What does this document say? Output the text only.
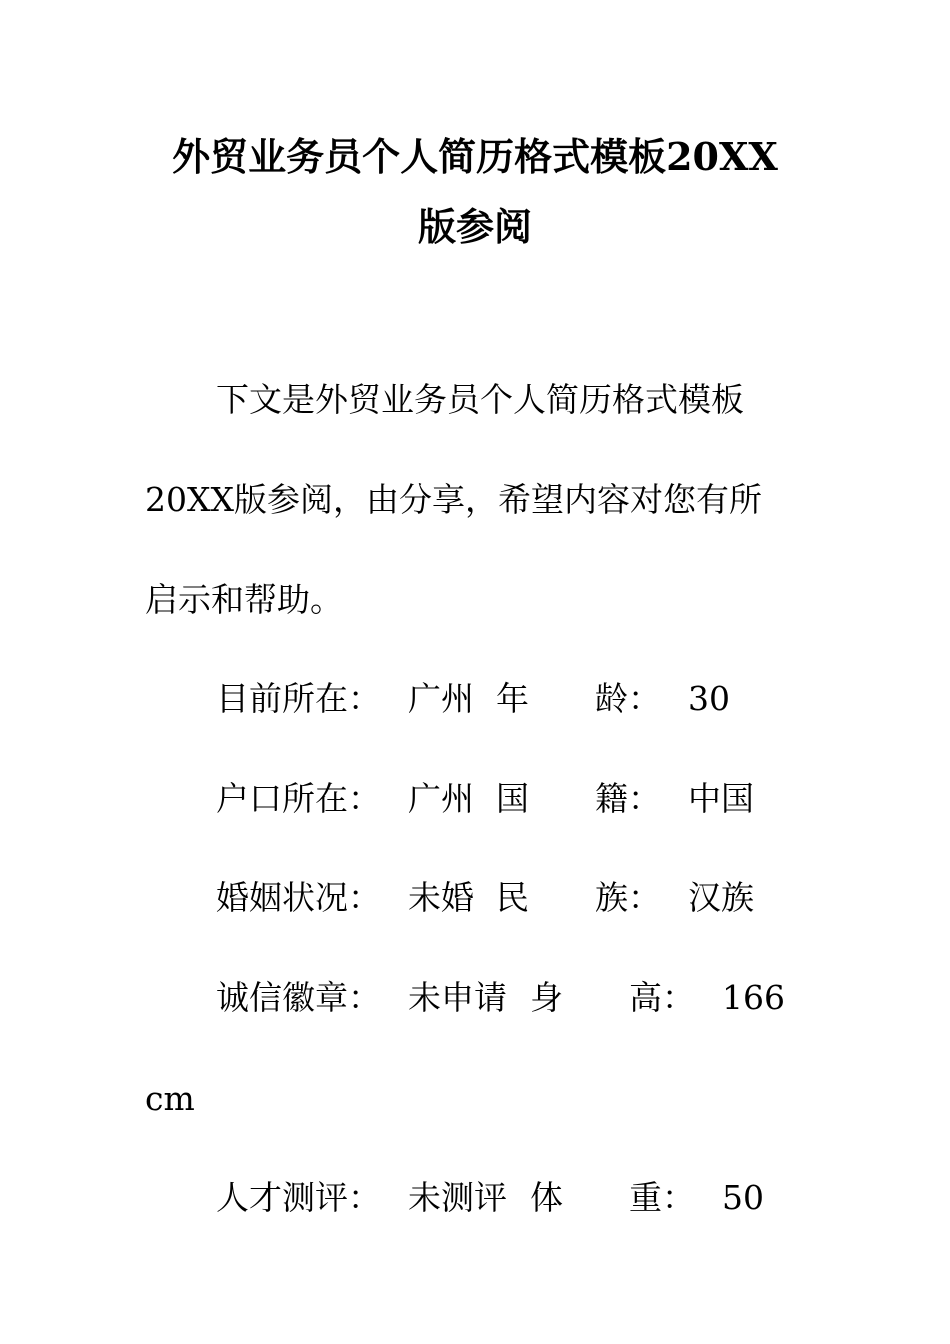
外贸业务员个人简历格式模板20XX
版参阅
下文是外贸业务员个人简历格式模板
20XX版参阅，由分享，希望内容对您有所
启示和帮助。
目前所在： 广州 年　　龄： 30
户口所在： 广州 国　　籍： 中国
婚姻状况： 未婚 民　　族： 汉族
诚信徽章： 未申请 身　　高： 166
cm
人才测评： 未测评 体　　重： 50
